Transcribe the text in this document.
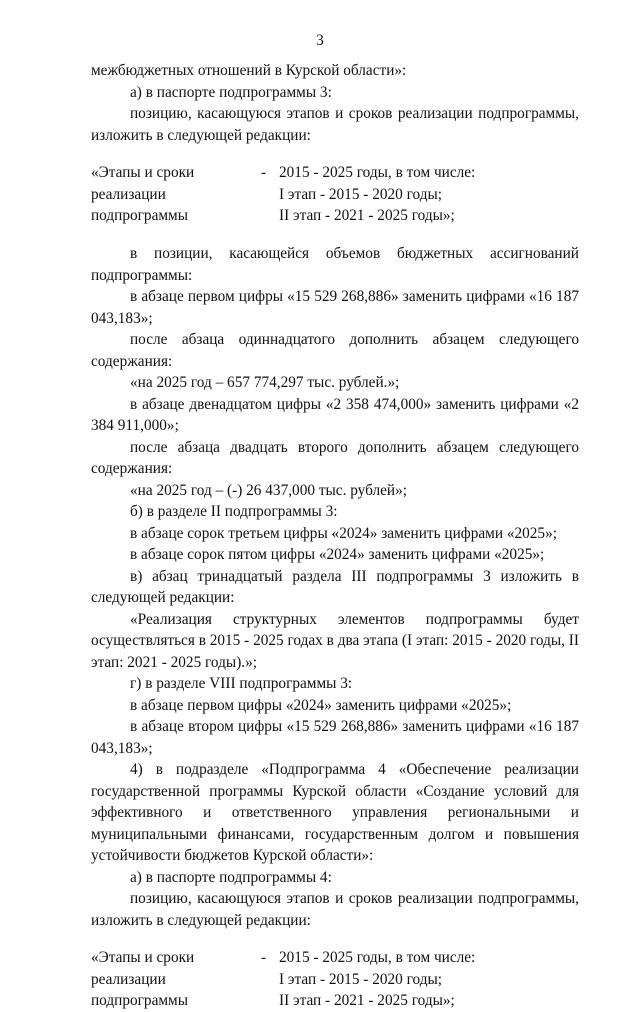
3

межбюджетных отношений в Курской области»:

а) в паспорте подпрограммы 3:

позицию, касающуюся этапов и сроков реализации подпрограммы, изложить в следующей редакции:

«Этапы и сроки
реализации
подпрограммы
- 2015 - 2025 годы, в том числе:
I этап - 2015 - 2020 годы;
II этап - 2021 - 2025 годы»;

в позиции, касающейся объемов бюджетных ассигнований подпрограммы:

в абзаце первом цифры «15 529 268,886» заменить цифрами «16 187 043,183»;

после абзаца одиннадцатого дополнить абзацем следующего содержания:

«на 2025 год – 657 774,297 тыс. рублей.»;

в абзаце двенадцатом цифры «2 358 474,000» заменить цифрами «2 384 911,000»;

после абзаца двадцать второго дополнить абзацем следующего содержания:

«на 2025 год – (-) 26 437,000 тыс. рублей»;

б) в разделе II подпрограммы 3:

в абзаце сорок третьем цифры «2024» заменить цифрами «2025»;

в абзаце сорок пятом цифры «2024» заменить цифрами «2025»;

в) абзац тринадцатый раздела III подпрограммы 3 изложить в следующей редакции:

«Реализация структурных элементов подпрограммы будет осуществляться в 2015 - 2025 годах в два этапа (I этап: 2015 - 2020 годы, II этап: 2021 - 2025 годы).»;

г) в разделе VIII подпрограммы 3:

в абзаце первом цифры «2024» заменить цифрами «2025»;

в абзаце втором цифры «15 529 268,886» заменить цифрами «16 187 043,183»;

4) в подразделе «Подпрограмма 4 «Обеспечение реализации государственной программы Курской области «Создание условий для эффективного и ответственного управления региональными и муниципальными финансами, государственным долгом и повышения устойчивости бюджетов Курской области»:

а) в паспорте подпрограммы 4:

позицию, касающуюся этапов и сроков реализации подпрограммы, изложить в следующей редакции:

«Этапы и сроки
реализации
подпрограммы
- 2015 - 2025 годы, в том числе:
I этап - 2015 - 2020 годы;
II этап - 2021 - 2025 годы»;
